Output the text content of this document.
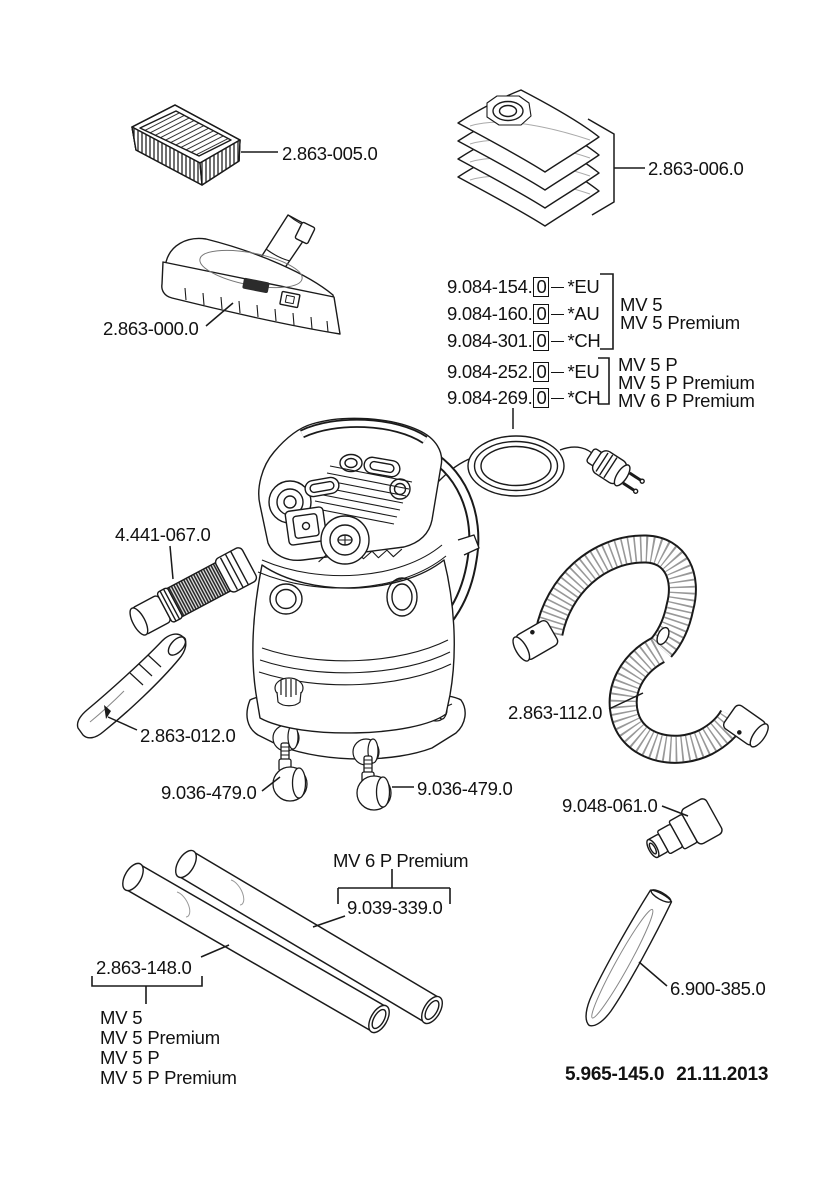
2.863-005.0
2.863-006.0
2.863-000.0
9.084-154. 0 *EU
9.084-160. 0 *AU
9.084-301. 0 *CH
MV 5
MV 5 Premium
9.084-252. 0 *EU
9.084-269. 0 *CH
MV 5 P
MV 5 P Premium
MV 6 P Premium
4.441-067.0
2.863-012.0
9.036-479.0	9.036-479.0
2.863-112.0
9.048-061.0
MV 6 P Premium
9.039-339.0
2.863-148.0
MV 5
MV 5 Premium
MV 5 P
MV 5 P Premium
6.900-385.0
5.965-145.0 21.11.2013
